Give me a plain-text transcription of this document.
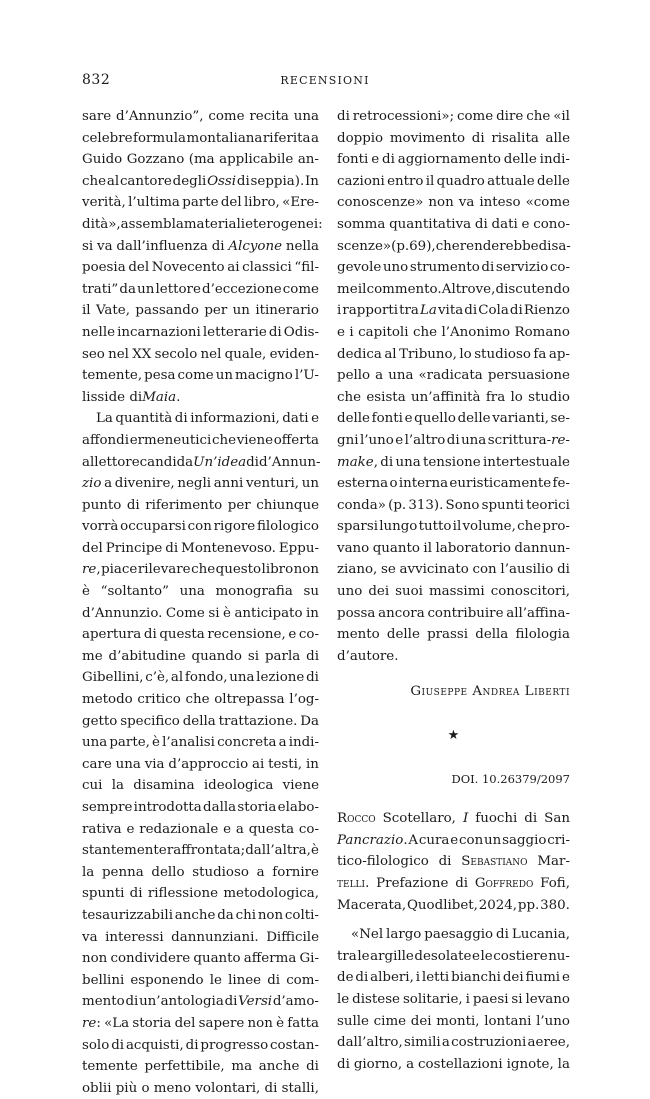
832	RECENSIONI
sare d’Annunzio”, come recita una
celebre formula montaliana riferita a
Guido Gozzano (ma applicabile an-
che al cantore degli Ossi di seppia). In
verità, l’ultima parte del libro, «Ere-
dità», assembla materiali eterogenei:
si va dall’influenza di Alcyone nella
poesia del Novecento ai classici “fil-
trati” da un lettore d’eccezione come
il Vate, passando per un itinerario
nelle incarnazioni letterarie di Odis-
seo nel XX secolo nel quale, eviden-
temente, pesa come un macigno l’U-
lisside di Maia .
La quantità di informazioni, dati e
affondi ermeneutici che viene offerta
al lettore candida Un’idea di d’Annun-
zio a divenire, negli anni venturi, un
punto di riferimento per chiunque
vorrà occuparsi con rigore filologico
del Principe di Montenevoso. Eppu-
re, piace rilevare che questo libro non
è “soltanto” una monografia su
d’Annunzio. Come si è anticipato in
apertura di questa recensione, e co-
me d’abitudine quando si parla di
Gibellini, c’è, al fondo, una lezione di
metodo critico che oltrepassa l’og-
getto specifico della trattazione. Da
una parte, è l’analisi concreta a indi-
care una via d’approccio ai testi, in
cui la disamina ideologica viene
sempre introdotta dalla storia elabo-
rativa e redazionale e a questa co-
stantemente raffrontata; dall’altra, è
la penna dello studioso a fornire
spunti di riflessione metodologica,
tesaurizzabili anche da chi non colti-
va interessi dannunziani. Difficile
non condividere quanto afferma Gi-
bellini esponendo le linee di com-
mento di un’antologia di Versi d’amo-
re: «La storia del sapere non è fatta
solo di acquisti, di progresso costan-
temente perfettibile, ma anche di
oblii più o meno volontari, di stalli,
di retrocessioni»; come dire che «il
doppio movimento di risalita alle
fonti e di aggiornamento delle indi-
cazioni entro il quadro attuale delle
conoscenze» non va inteso «come
somma quantitativa di dati e cono-
scenze» (p. 69), che renderebbe disa-
gevole uno strumento di servizio co-
me il commento. Altrove, discutendo
i rapporti tra La vita di Cola di Rienzo
e i capitoli che l’Anonimo Romano
dedica al Tribuno, lo studioso fa ap-
pello a una «radicata persuasione
che esista un’affinità fra lo studio
delle fonti e quello delle varianti, se-
gni l’uno e l’altro di una scrittura-re-
make, di una tensione intertestuale
esterna o interna euristicamente fe-
conda» (p. 313). Sono spunti teorici
sparsi lungo tutto il volume, che pro-
vano quanto il laboratorio dannun-
ziano, se avvicinato con l’ausilio di
uno dei suoi massimi conoscitori,
possa ancora contribuire all’affina-
mento delle prassi della filologia
d’autore.
Giuseppe Andrea Liberti
★
DOI. 10.26379/2097
Rocco Scotellaro, I fuochi di San
Pancrazio. A cura e con un saggio cri-
tico-filologico di Sebastiano Mar-
telli. Prefazione di Goffredo Fofi,
Macerata, Quodlibet, 2024, pp. 380.
«Nel largo paesaggio di Lucania,
tra le argille desolate e le costiere nu-
de di alberi, i letti bianchi dei fiumi e
le distese solitarie, i paesi si levano
sulle cime dei monti, lontani l’uno
dall’altro, simili a costruzioni aeree,
di giorno, a costellazioni ignote, la
